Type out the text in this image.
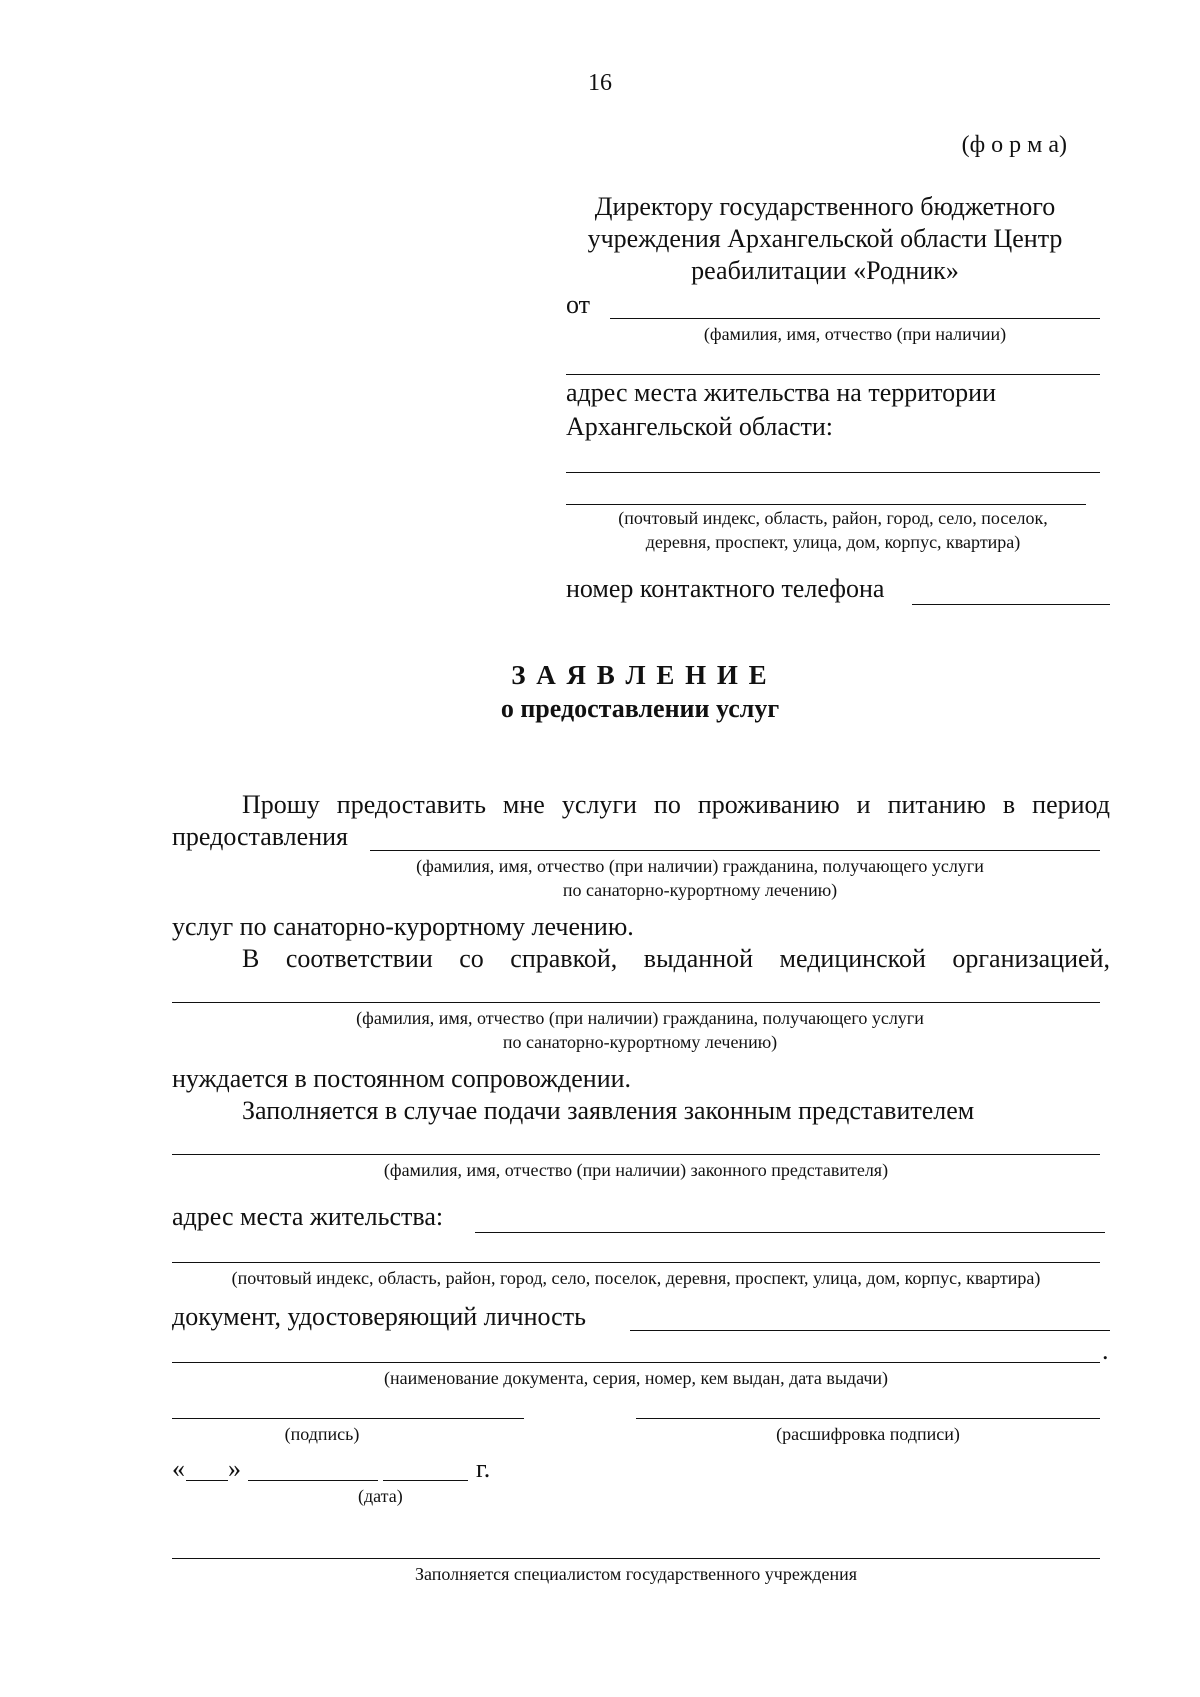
16
(ф о р м а)
Директору государственного бюджетного
учреждения Архангельской области Центр
реабилитации «Родник»
от
(фамилия, имя, отчество (при наличии)
адрес места жительства на территории
Архангельской области:
(почтовый индекс, область, район, город, село, поселок,
деревня, проспект, улица, дом, корпус, квартира)
номер контактного телефона
З А Я В Л Е Н И Е
о предоставлении услуг
Прошу предоставить мне услуги по проживанию и питанию в период
предоставления
(фамилия, имя, отчество (при наличии) гражданина, получающего услуги
по санаторно-курортному лечению)
услуг по санаторно-курортному лечению.
В соответствии со справкой, выданной медицинской организацией,
(фамилия, имя, отчество (при наличии) гражданина, получающего услуги
по санаторно-курортному лечению)
нуждается в постоянном сопровождении.
Заполняется в случае подачи заявления законным представителем
(фамилия, имя, отчество (при наличии) законного представителя)
адрес места жительства:
(почтовый индекс, область, район, город, село, поселок, деревня, проспект, улица, дом, корпус, квартира)
документ, удостоверяющий личность
.
(наименование документа, серия, номер, кем выдан, дата выдачи)
(подпись)	(расшифровка подписи)
« »	г.
(дата)
Заполняется специалистом государственного учреждения
